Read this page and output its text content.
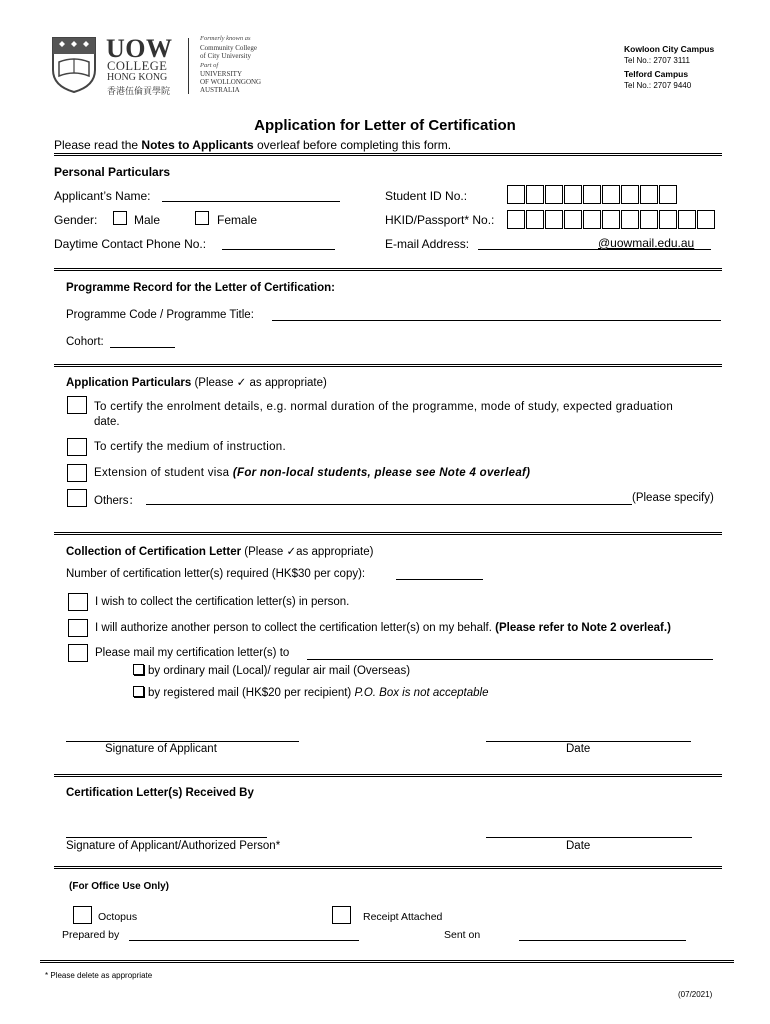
UOW
COLLEGE
HONG KONG
香港伍倫貢學院
Formerly known as
Community College
of City University
Part of
UNIVERSITY
OF WOLLONGONG
AUSTRALIA
Kowloon City Campus
Tel No.: 2707 3111
Telford Campus
Tel No.: 2707 9440
Application for Letter of Certification
Please read the Notes to Applicants overleaf before completing this form.
Personal Particulars
Applicant’s Name:	Student ID No.:
Gender:	Male	Female	HKID/Passport* No.:
Daytime Contact Phone No.:	E-mail Address:	@uowmail.edu.au
Programme Record for the Letter of Certification:
Programme Code / Programme Title:
Cohort:
Application Particulars (Please ✓ as appropriate)
To certify the enrolment details, e.g. normal duration of the programme, mode of study, expected graduation
date.
To certify the medium of instruction.
Extension of student visa (For non-local students, please see Note 4 overleaf)
Others：	(Please specify)
Collection of Certification Letter (Please ✓as appropriate)
Number of certification letter(s) required (HK$30 per copy):
I wish to collect the certification letter(s) in person.
I will authorize another person to collect the certification letter(s) on my behalf. (Please refer to Note 2 overleaf.)
Please mail my certification letter(s) to
by ordinary mail (Local)/ regular air mail (Overseas)
by registered mail (HK$20 per recipient) P.O. Box is not acceptable
Signature of Applicant	Date
Certification Letter(s) Received By
Signature of Applicant/Authorized Person*	Date
(For Office Use Only)
Octopus	Receipt Attached
Prepared by	Sent on
* Please delete as appropriate
(07/2021)
